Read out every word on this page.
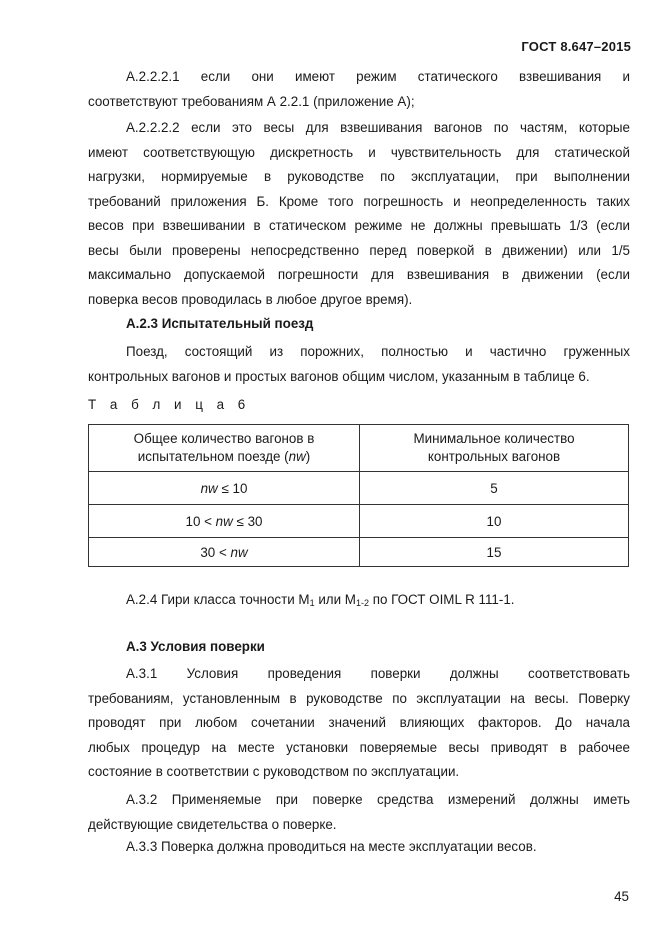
ГОСТ 8.647–2015
А.2.2.2.1 если они имеют режим статического взвешивания и
соответствуют требованиям А 2.2.1 (приложение А);
А.2.2.2.2 если это весы для взвешивания вагонов по частям, которые
имеют соответствующую дискретность и чувствительность для статической
нагрузки, нормируемые в руководстве по эксплуатации, при выполнении
требований приложения Б. Кроме того погрешность и неопределенность таких
весов при взвешивании в статическом режиме не должны превышать 1/3 (если
весы были проверены непосредственно перед поверкой в движении) или 1/5
максимально допускаемой погрешности для взвешивания в движении (если
поверка весов проводилась в любое другое время).
А.2.3 Испытательный поезд
Поезд, состоящий из порожних, полностью и частично груженных
контрольных вагонов и простых вагонов общим числом, указанным в таблице 6.
Т а б л и ц а 6
Общее количество вагонов в
испытательном поезде (nw)	Минимальное количество
контрольных вагонов
nw ≤ 10	5
10 < nw ≤ 30	10
30 < nw	15
А.2.4 Гири класса точности $М_1$ или $М_{1-2}$ по ГОСТ OIML R 111-1.
А.3 Условия поверки
А.3.1 Условия проведения поверки должны соответствовать
требованиям, установленным в руководстве по эксплуатации на весы. Поверку
проводят при любом сочетании значений влияющих факторов. До начала
любых процедур на месте установки поверяемые весы приводят в рабочее
состояние в соответствии с руководством по эксплуатации.
А.3.2 Применяемые при поверке средства измерений должны иметь
действующие свидетельства о поверке.
А.3.3 Поверка должна проводиться на месте эксплуатации весов.
45
